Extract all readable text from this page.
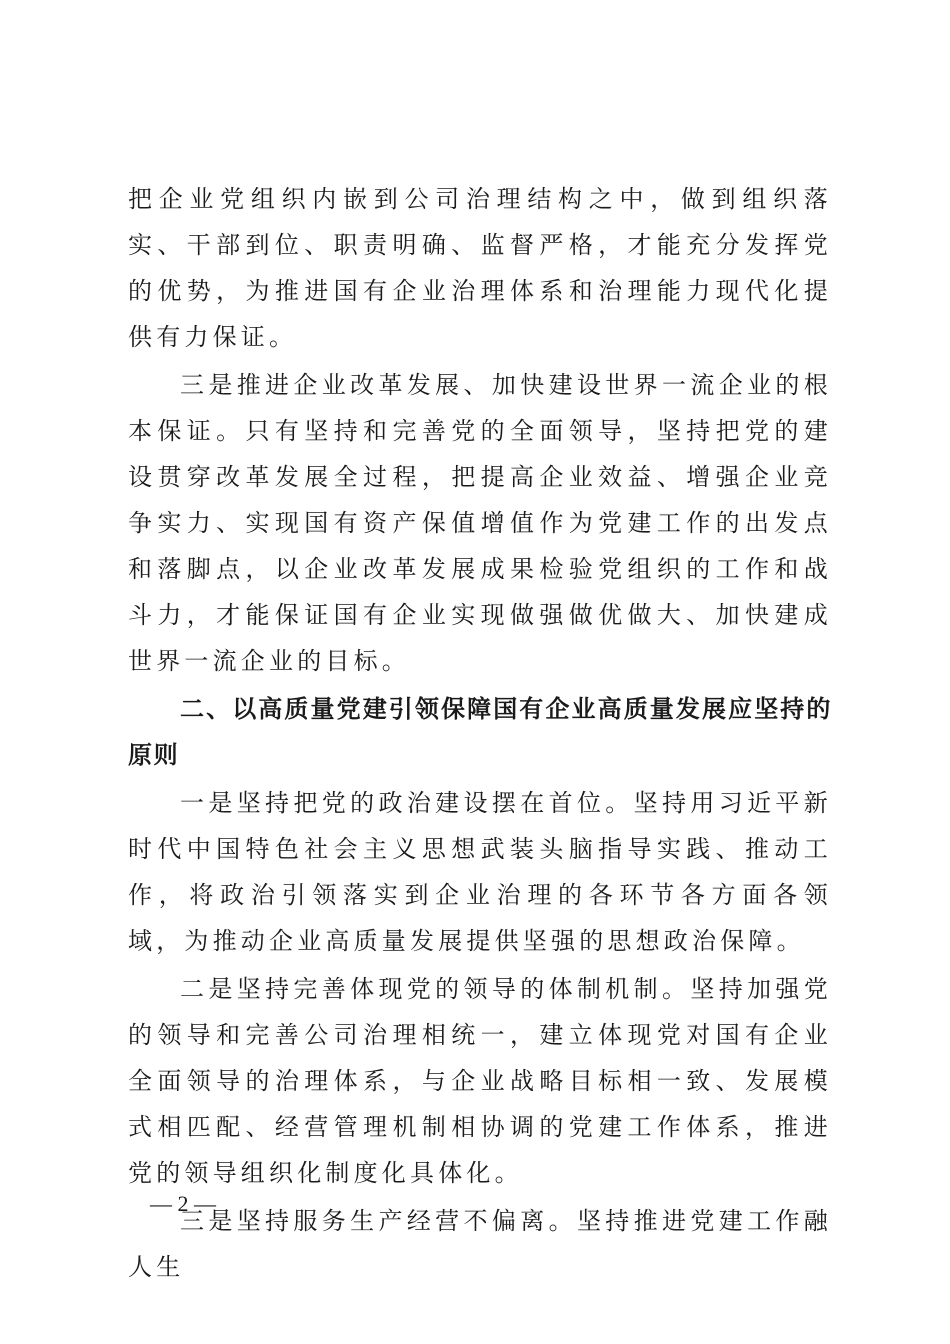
把企业党组织内嵌到公司治理结构之中，做到组织落实、干部到位、职责明确、监督严格，才能充分发挥党的优势，为推进国有企业治理体系和治理能力现代化提供有力保证。

三是推进企业改革发展、加快建设世界一流企业的根本保证。只有坚持和完善党的全面领导，坚持把党的建设贯穿改革发展全过程，把提高企业效益、增强企业竞争实力、实现国有资产保值增值作为党建工作的出发点和落脚点，以企业改革发展成果检验党组织的工作和战斗力，才能保证国有企业实现做强做优做大、加快建成世界一流企业的目标。

二、以高质量党建引领保障国有企业高质量发展应坚持的原则

一是坚持把党的政治建设摆在首位。坚持用习近平新时代中国特色社会主义思想武装头脑指导实践、推动工作，将政治引领落实到企业治理的各环节各方面各领域，为推动企业高质量发展提供坚强的思想政治保障。

二是坚持完善体现党的领导的体制机制。坚持加强党的领导和完善公司治理相统一，建立体现党对国有企业全面领导的治理体系，与企业战略目标相一致、发展模式相匹配、经营管理机制相协调的党建工作体系，推进党的领导组织化制度化具体化。

三是坚持服务生产经营不偏离。坚持推进党建工作融人生

— 2 —
